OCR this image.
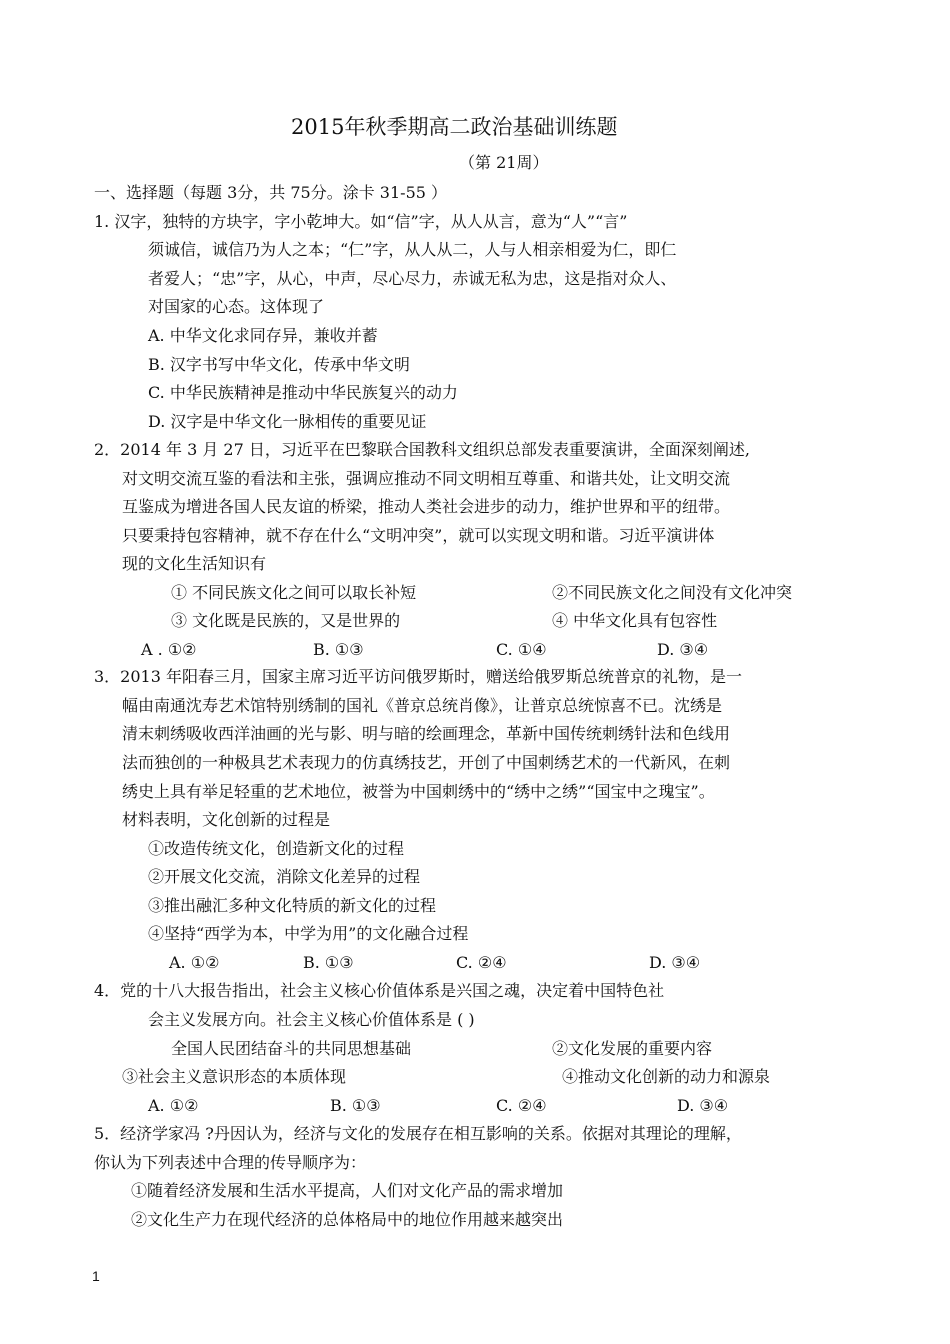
2015年秋季期高二政治基础训练题
（第 21周）
一、选择题（每题 3分，共 75分。涂卡 31-55 ）
1. 汉字，独特的方块字，字小乾坤大。如“信”字，从人从言，意为“人”“言”
须诚信，诚信乃为人之本；“仁”字，从人从二，人与人相亲相爱为仁，即仁
者爱人；“忠”字，从心，中声，尽心尽力，赤诚无私为忠，这是指对众人、
对国家的心态。这体现了
A. 中华文化求同存异，兼收并蓄
B. 汉字书写中华文化，传承中华文明
C. 中华民族精神是推动中华民族复兴的动力
D. 汉字是中华文化一脉相传的重要见证
2．2014 年 3 月 27 日，习近平在巴黎联合国教科文组织总部发表重要演讲，全面深刻阐述,
对文明交流互鉴的看法和主张，强调应推动不同文明相互尊重、和谐共处，让文明交流
互鉴成为增进各国人民友谊的桥梁，推动人类社会进步的动力，维护世界和平的纽带。
只要秉持包容精神，就不存在什么“文明冲突”，就可以实现文明和谐。习近平演讲体
现的文化生活知识有
① 不同民族文化之间可以取长补短	②不同民族文化之间没有文化冲突
③ 文化既是民族的，又是世界的	④ 中华文化具有包容性
A . ①②	B. ①③	C. ①④	D. ③④
3．2013 年阳春三月，国家主席习近平访问俄罗斯时，赠送给俄罗斯总统普京的礼物，是一
幅由南通沈寿艺术馆特别绣制的国礼《普京总统肖像》，让普京总统惊喜不已。沈绣是
清末刺绣吸收西洋油画的光与影、明与暗的绘画理念，革新中国传统刺绣针法和色线用
法而独创的一种极具艺术表现力的仿真绣技艺，开创了中国刺绣艺术的一代新风，在刺
绣史上具有举足轻重的艺术地位，被誉为中国刺绣中的“绣中之绣”“国宝中之瑰宝”。
材料表明，文化创新的过程是
①改造传统文化，创造新文化的过程
②开展文化交流，消除文化差异的过程
③推出融汇多种文化特质的新文化的过程
④坚持“西学为本，中学为用”的文化融合过程
A. ①②	B. ①③	C. ②④	D. ③④
4．党的十八大报告指出，社会主义核心价值体系是兴国之魂，决定着中国特色社
会主义发展方向。社会主义核心价值体系是 ( )
全国人民团结奋斗的共同思想基础	②文化发展的重要内容
③社会主义意识形态的本质体现	④推动文化创新的动力和源泉
A. ①②	B. ①③	C. ②④	D. ③④
5．经济学家冯 ?丹因认为，经济与文化的发展存在相互影响的关系。依据对其理论的理解，
你认为下列表述中合理的传导顺序为：
①随着经济发展和生活水平提高，人们对文化产品的需求增加
②文化生产力在现代经济的总体格局中的地位作用越来越突出
1
